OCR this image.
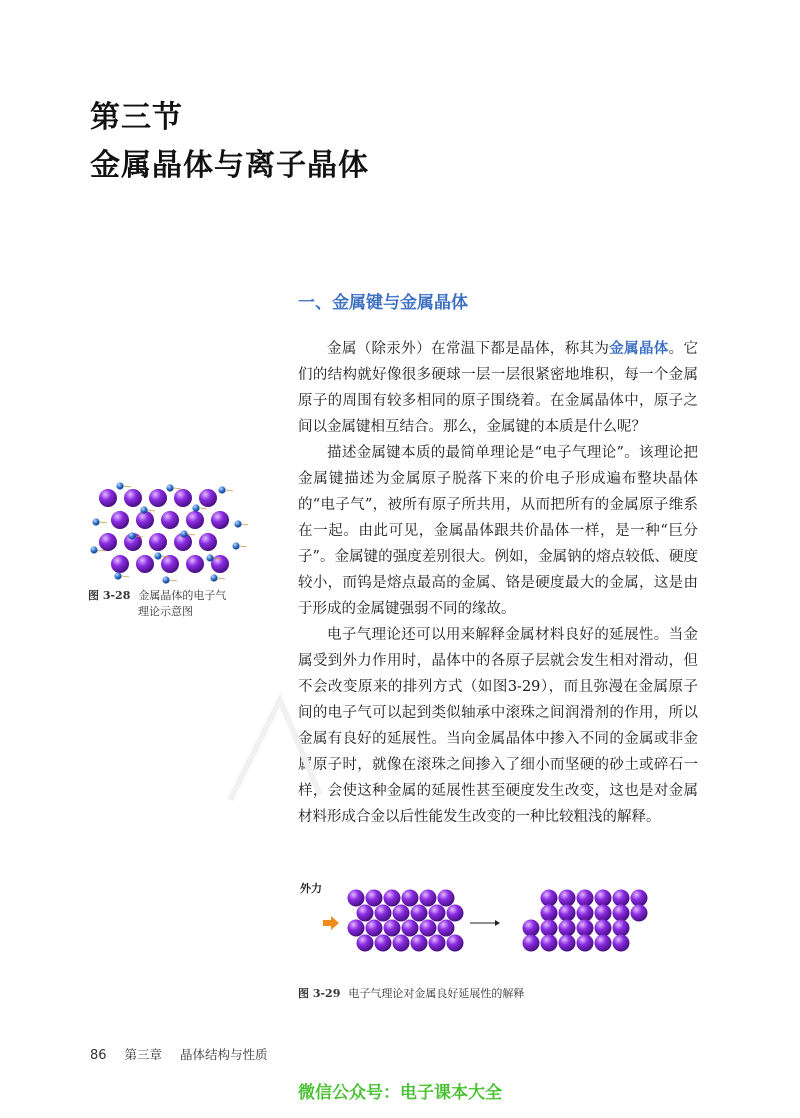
第三节
金属晶体与离子晶体
一、金属键与金属晶体

金属（除汞外）在常温下都是晶体，称其为金属晶体。它们的结构就好像很多硬球一层一层很紧密地堆积，每一个金属原子的周围有较多相同的原子围绕着。在金属晶体中，原子之间以金属键相互结合。那么，金属键的本质是什么呢？

描述金属键本质的最简单理论是“电子气理论”。该理论把金属键描述为金属原子脱落下来的价电子形成遍布整块晶体的“电子气”，被所有原子所共用，从而把所有的金属原子维系在一起。由此可见，金属晶体跟共价晶体一样，是一种“巨分子”。金属键的强度差别很大。例如，金属钠的熔点较低、硬度较小，而钨是熔点最高的金属、铬是硬度最大的金属，这是由于形成的金属键强弱不同的缘故。

电子气理论还可以用来解释金属材料良好的延展性。当金属受到外力作用时，晶体中的各原子层就会发生相对滑动，但不会改变原来的排列方式（如图3-29），而且弥漫在金属原子间的电子气可以起到类似轴承中滚珠之间润滑剂的作用，所以金属有良好的延展性。当向金属晶体中掺入不同的金属或非金属原子时，就像在滚珠之间掺入了细小而坚硬的砂土或碎石一样，会使这种金属的延展性甚至硬度发生改变，这也是对金属材料形成合金以后性能发生改变的一种比较粗浅的解释。

图 3-28 金属晶体的电子气
理论示意图
外力
图 3-29 电子气理论对金属良好延展性的解释
86 第三章 晶体结构与性质
微信公众号：电子课本大全
